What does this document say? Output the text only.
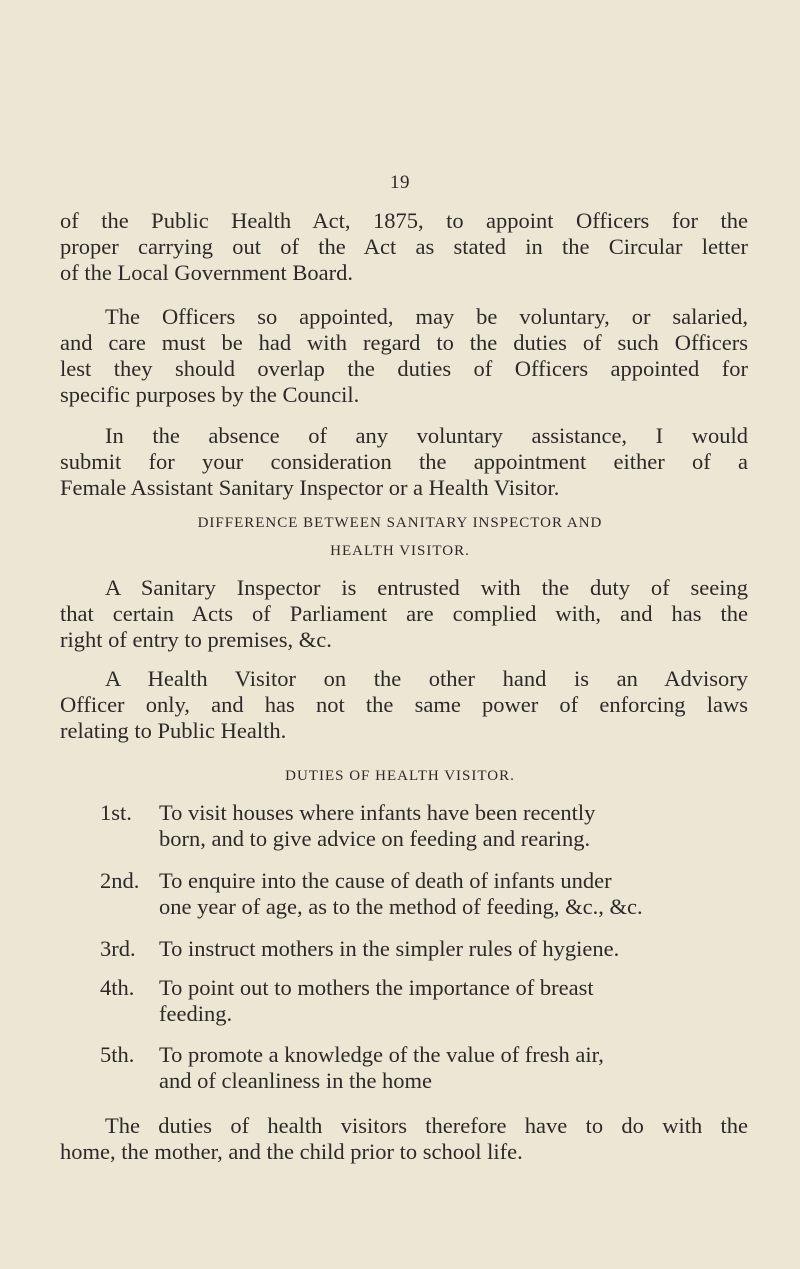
19

of the Public Health Act, 1875, to appoint Officers for the
proper carrying out of the Act as stated in the Circular letter
of the Local Government Board.

The Officers so appointed, may be voluntary, or salaried,
and care must be had with regard to the duties of such Officers
lest they should overlap the duties of Officers appointed for
specific purposes by the Council.

In the absence of any voluntary assistance, I would
submit for your consideration the appointment either of a
Female Assistant Sanitary Inspector or a Health Visitor.

DIFFERENCE BETWEEN SANITARY INSPECTOR AND
HEALTH VISITOR.

A Sanitary Inspector is entrusted with the duty of seeing
that certain Acts of Parliament are complied with, and has the
right of entry to premises, &c.

A Health Visitor on the other hand is an Advisory
Officer only, and has not the same power of enforcing laws
relating to Public Health.

DUTIES OF HEALTH VISITOR.
1st.	To visit houses where infants have been recently
born, and to give advice on feeding and rearing.
2nd. To enquire into the cause of death of infants under
one year of age, as to the method of feeding, &c., &c.
3rd.	To instruct mothers in the simpler rules of hygiene.
4th.	To point out to mothers the importance of breast
feeding.
5th.	To promote a knowledge of the value of fresh air,
and of cleanliness in the home

The duties of health visitors therefore have to do with the
home, the mother, and the child prior to school life.
